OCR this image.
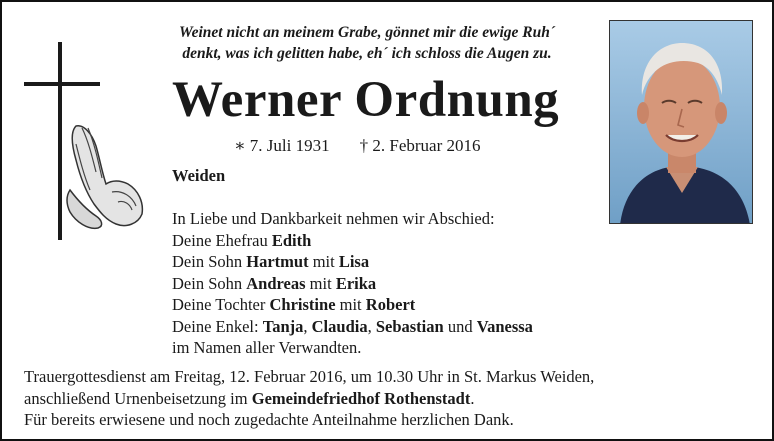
Weinet nicht an meinem Grabe, gönnet mir die ewige Ruh´
denkt, was ich gelitten habe, eh´ ich schloss die Augen zu.
Werner Ordnung
∗ 7. Juli 1931 † 2. Februar 2016
Weiden
In Liebe und Dankbarkeit nehmen wir Abschied:
Deine Ehefrau Edith
Dein Sohn Hartmut mit Lisa
Dein Sohn Andreas mit Erika
Deine Tochter Christine mit Robert
Deine Enkel: Tanja, Claudia, Sebastian und Vanessa
im Namen aller Verwandten.
Trauergottesdienst am Freitag, 12. Februar 2016, um 10.30 Uhr in St. Markus Weiden,
anschließend Urnenbeisetzung im Gemeindefriedhof Rothenstadt.
Für bereits erwiesene und noch zugedachte Anteilnahme herzlichen Dank.
